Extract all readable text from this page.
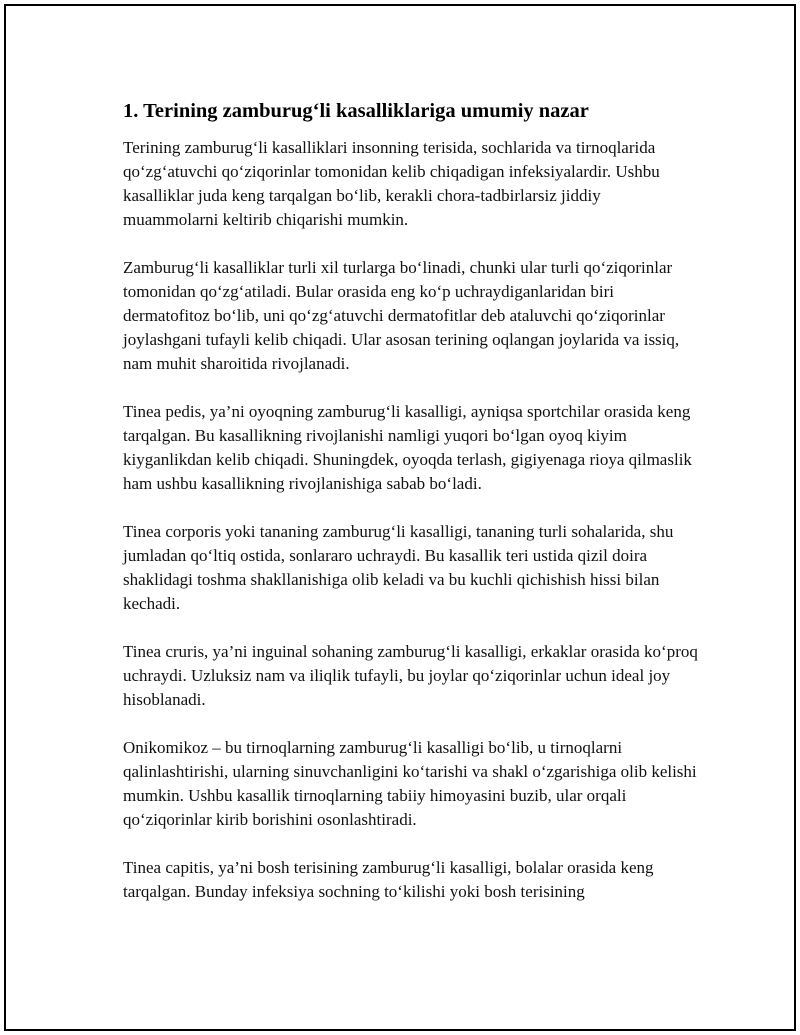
1. Terining zamburug‘li kasalliklariga umumiy nazar

Terining zamburug‘li kasalliklari insonning terisida, sochlarida va tirnoqlarida qo‘zg‘atuvchi qo‘ziqorinlar tomonidan kelib chiqadigan infeksiyalardir. Ushbu kasalliklar juda keng tarqalgan bo‘lib, kerakli chora-tadbirlarsiz jiddiy muammolarni keltirib chiqarishi mumkin.

Zamburug‘li kasalliklar turli xil turlarga bo‘linadi, chunki ular turli qo‘ziqorinlar tomonidan qo‘zg‘atiladi. Bular orasida eng ko‘p uchraydiganlaridan biri dermatofitoz bo‘lib, uni qo‘zg‘atuvchi dermatofitlar deb ataluvchi qo‘ziqorinlar joylashgani tufayli kelib chiqadi. Ular asosan terining oqlangan joylarida va issiq, nam muhit sharoitida rivojlanadi.

Tinea pedis, ya’ni oyoqning zamburug‘li kasalligi, ayniqsa sportchilar orasida keng tarqalgan. Bu kasallikning rivojlanishi namligi yuqori bo‘lgan oyoq kiyim kiyganlikdan kelib chiqadi. Shuningdek, oyoqda terlash, gigiyenaga rioya qilmaslik ham ushbu kasallikning rivojlanishiga sabab bo‘ladi.

Tinea corporis yoki tananing zamburug‘li kasalligi, tananing turli sohalarida, shu jumladan qo‘ltiq ostida, sonlararo uchraydi. Bu kasallik teri ustida qizil doira shaklidagi toshma shakllanishiga olib keladi va bu kuchli qichishish hissi bilan kechadi.

Tinea cruris, ya’ni inguinal sohaning zamburug‘li kasalligi, erkaklar orasida ko‘proq uchraydi. Uzluksiz nam va iliqlik tufayli, bu joylar qo‘ziqorinlar uchun ideal joy hisoblanadi.

Onikomikoz – bu tirnoqlarning zamburug‘li kasalligi bo‘lib, u tirnoqlarni qalinlashtirishi, ularning sinuvchanligini ko‘tarishi va shakl o‘zgarishiga olib kelishi mumkin. Ushbu kasallik tirnoqlarning tabiiy himoyasini buzib, ular orqali qo‘ziqorinlar kirib borishini osonlashtiradi.

Tinea capitis, ya’ni bosh terisining zamburug‘li kasalligi, bolalar orasida keng tarqalgan. Bunday infeksiya sochning to‘kilishi yoki bosh terisining
